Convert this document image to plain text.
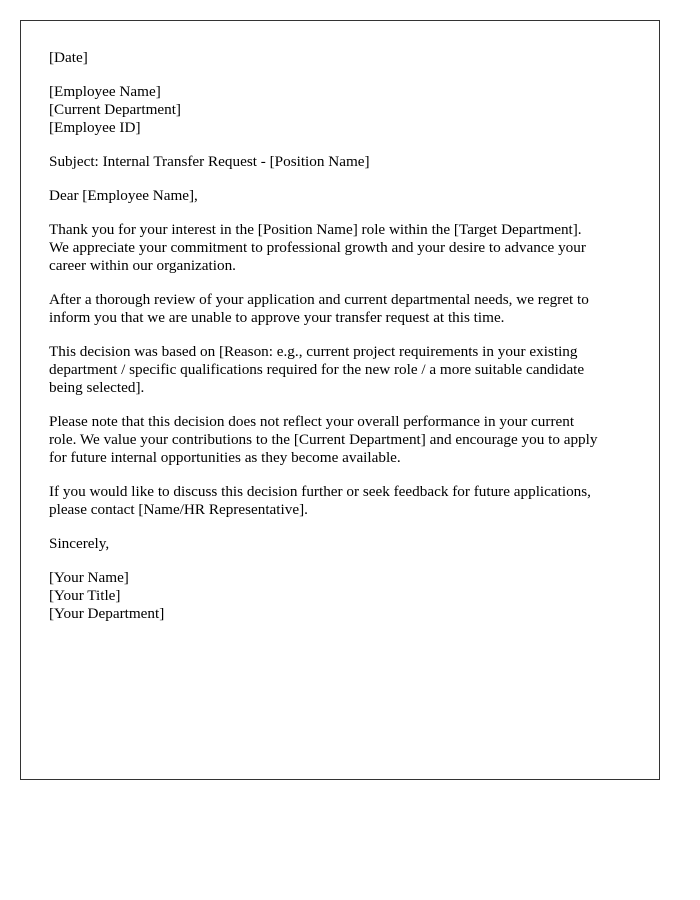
[Date]
[Employee Name]
[Current Department]
[Employee ID]
Subject: Internal Transfer Request - [Position Name]
Dear [Employee Name],

Thank you for your interest in the [Position Name] role within the [Target Department].
We appreciate your commitment to professional growth and your desire to advance your
career within our organization.

After a thorough review of your application and current departmental needs, we regret to
inform you that we are unable to approve your transfer request at this time.

This decision was based on [Reason: e.g., current project requirements in your existing
department / specific qualifications required for the new role / a more suitable candidate
being selected].

Please note that this decision does not reflect your overall performance in your current
role. We value your contributions to the [Current Department] and encourage you to apply
for future internal opportunities as they become available.

If you would like to discuss this decision further or seek feedback for future applications,
please contact [Name/HR Representative].

Sincerely,
[Your Name]
[Your Title]
[Your Department]
